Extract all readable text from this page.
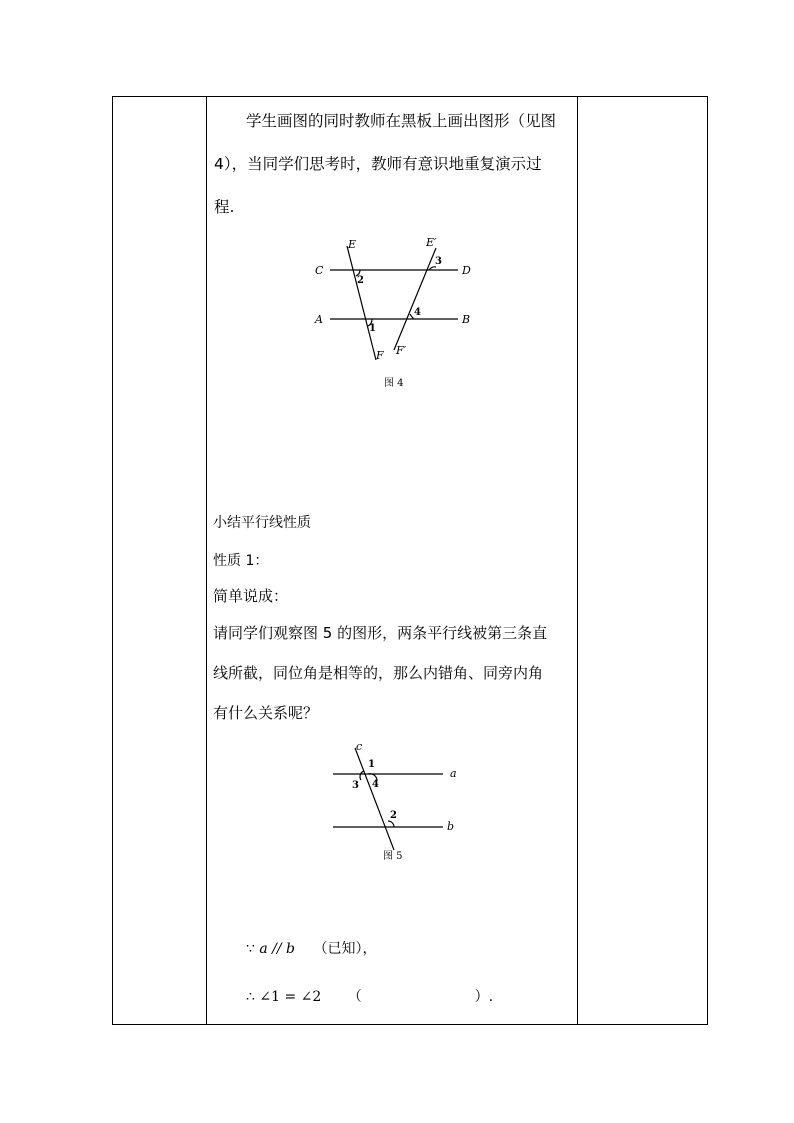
学生画图的同时教师在黑板上画出图形（见图
4），当同学们思考时，教师有意识地重复演示过
程.
E	E′
C	D
A	B
F F′
2
1
3
4
图 4
小结平行线性质
性质 1：
简单说成：
请同学们观察图 5 的图形，两条平行线被第三条直
线所截，同位角是相等的，那么内错角、同旁内角
有什么关系呢？
c
a
b
1
3 4
2
图 5
∵ a // b （已知），
∴ ∠1 = ∠2 （	）.
